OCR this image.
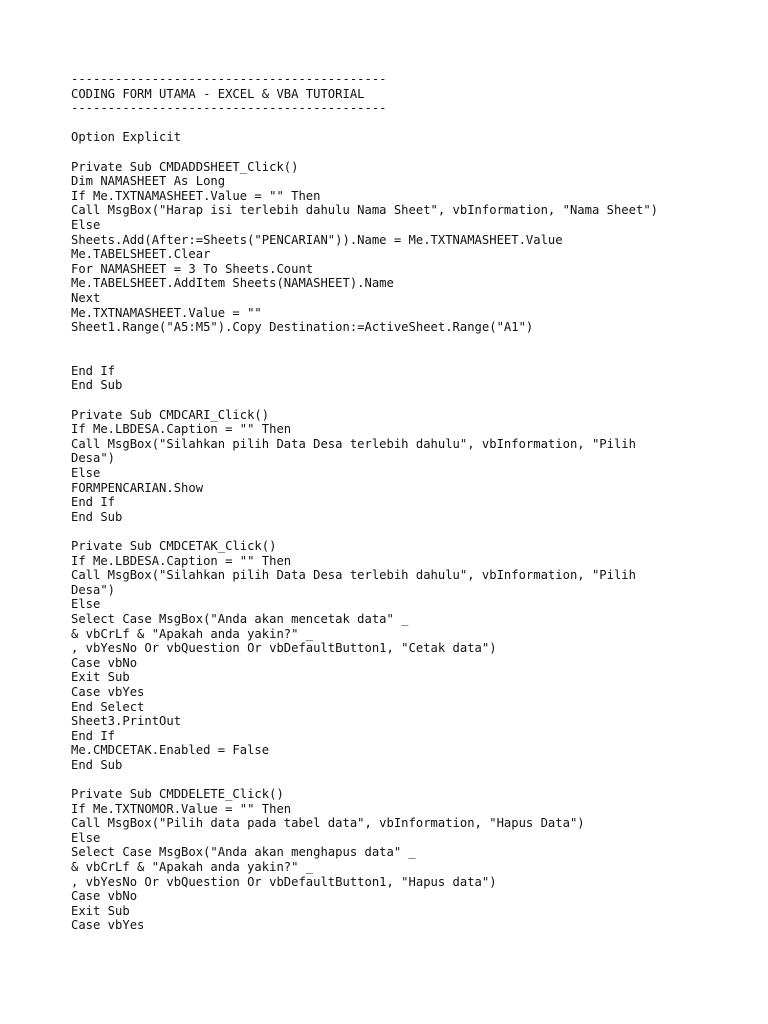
-------------------------------------------
CODING FORM UTAMA - EXCEL & VBA TUTORIAL
-------------------------------------------
Option Explicit
Private Sub CMDADDSHEET_Click()
Dim NAMASHEET As Long
If Me.TXTNAMASHEET.Value = "" Then
Call MsgBox("Harap isi terlebih dahulu Nama Sheet", vbInformation, "Nama Sheet")
Else
Sheets.Add(After:=Sheets("PENCARIAN")).Name = Me.TXTNAMASHEET.Value
Me.TABELSHEET.Clear
For NAMASHEET = 3 To Sheets.Count
Me.TABELSHEET.AddItem Sheets(NAMASHEET).Name
Next
Me.TXTNAMASHEET.Value = ""
Sheet1.Range("A5:M5").Copy Destination:=ActiveSheet.Range("A1")
End If
End Sub
Private Sub CMDCARI_Click()
If Me.LBDESA.Caption = "" Then
Call MsgBox("Silahkan pilih Data Desa terlebih dahulu", vbInformation, "Pilih
Desa")
Else
FORMPENCARIAN.Show
End If
End Sub
Private Sub CMDCETAK_Click()
If Me.LBDESA.Caption = "" Then
Call MsgBox("Silahkan pilih Data Desa terlebih dahulu", vbInformation, "Pilih
Desa")
Else
Select Case MsgBox("Anda akan mencetak data" _
& vbCrLf & "Apakah anda yakin?" _
, vbYesNo Or vbQuestion Or vbDefaultButton1, "Cetak data")
Case vbNo
Exit Sub
Case vbYes
End Select
Sheet3.PrintOut
End If
Me.CMDCETAK.Enabled = False
End Sub
Private Sub CMDDELETE_Click()
If Me.TXTNOMOR.Value = "" Then
Call MsgBox("Pilih data pada tabel data", vbInformation, "Hapus Data")
Else
Select Case MsgBox("Anda akan menghapus data" _
& vbCrLf & "Apakah anda yakin?" _
, vbYesNo Or vbQuestion Or vbDefaultButton1, "Hapus data")
Case vbNo
Exit Sub
Case vbYes
